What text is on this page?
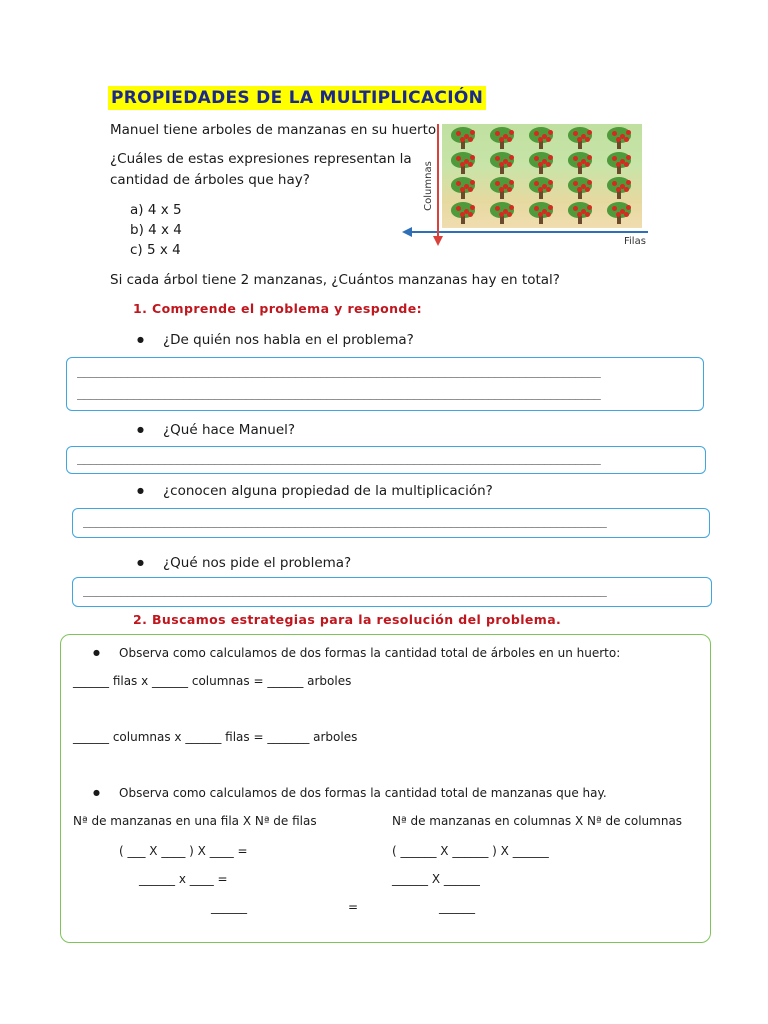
PROPIEDADES DE LA MULTIPLICACIÓN
Manuel tiene arboles de manzanas en su huerto.
¿Cuáles de estas expresiones representan la
cantidad de árboles que hay?
a) 4 x 5
b) 4 x 4
c) 5 x 4
Columnas
Filas
Si cada árbol tiene 2 manzanas, ¿Cuántos manzanas hay en total?
1. Comprende el problema y responde:
● ¿De quién nos habla en el problema?
____________________________________________________________________________________
____________________________________________________________________________________
● ¿Qué hace Manuel?
____________________________________________________________________________________
● ¿conocen alguna propiedad de la multiplicación?
____________________________________________________________________________________
● ¿Qué nos pide el problema?
____________________________________________________________________________________
2. Buscamos estrategias para la resolución del problema.
● Observa como calculamos de dos formas la cantidad total de árboles en un huerto:
______ filas x ______ columnas = ______ arboles
______ columnas x ______ filas = _______ arboles
● Observa como calculamos de dos formas la cantidad total de manzanas que hay.
Nª de manzanas en una fila X Nª de filas	Nª de manzanas en columnas X Nª de columnas
( ___ X ____ ) X ____ =	( ______ X ______ ) X ______
______ x ____ =	______ X ______
______	=	______
